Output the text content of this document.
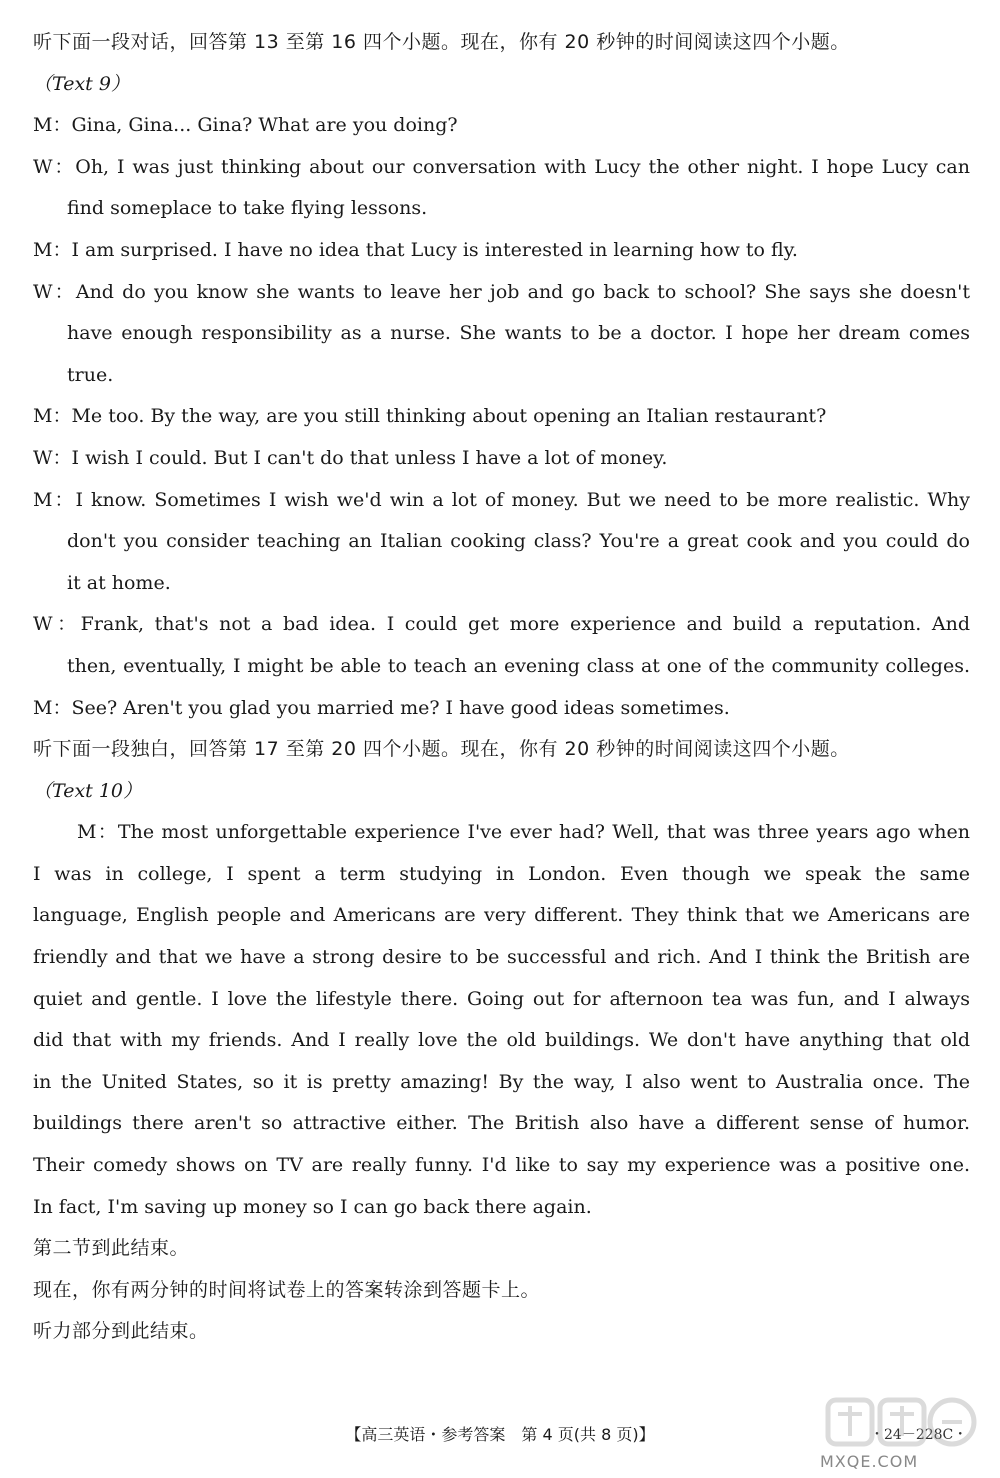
听下面一段对话，回答第 13 至第 16 四个小题。现在，你有 20 秒钟的时间阅读这四个小题。
（Text 9）
M：Gina, Gina... Gina? What are you doing?
W：Oh, I was just thinking about our conversation with Lucy the other night. I hope Lucy can
find someplace to take flying lessons.
M：I am surprised. I have no idea that Lucy is interested in learning how to fly.
W：And do you know she wants to leave her job and go back to school? She says she doesn't
have enough responsibility as a nurse. She wants to be a doctor. I hope her dream comes
true.
M：Me too. By the way, are you still thinking about opening an Italian restaurant?
W：I wish I could. But I can't do that unless I have a lot of money.
M：I know. Sometimes I wish we'd win a lot of money. But we need to be more realistic. Why
don't you consider teaching an Italian cooking class? You're a great cook and you could do
it at home.
W：Frank, that's not a bad idea. I could get more experience and build a reputation. And
then, eventually, I might be able to teach an evening class at one of the community colleges.
M：See? Aren't you glad you married me? I have good ideas sometimes.
听下面一段独白，回答第 17 至第 20 四个小题。现在，你有 20 秒钟的时间阅读这四个小题。
（Text 10）
M：The most unforgettable experience I've ever had? Well, that was three years ago when
I was in college, I spent a term studying in London. Even though we speak the same
language, English people and Americans are very different. They think that we Americans are
friendly and that we have a strong desire to be successful and rich. And I think the British are
quiet and gentle. I love the lifestyle there. Going out for afternoon tea was fun, and I always
did that with my friends. And I really love the old buildings. We don't have anything that old
in the United States, so it is pretty amazing! By the way, I also went to Australia once. The
buildings there aren't so attractive either. The British also have a different sense of humor.
Their comedy shows on TV are really funny. I'd like to say my experience was a positive one.
In fact, I'm saving up money so I can go back there again.
第二节到此结束。
现在，你有两分钟的时间将试卷上的答案转涂到答题卡上。
听力部分到此结束。
【高三英语・参考答案　第 4 页(共 8 页)】	・24－228C・
MXQE.COM
